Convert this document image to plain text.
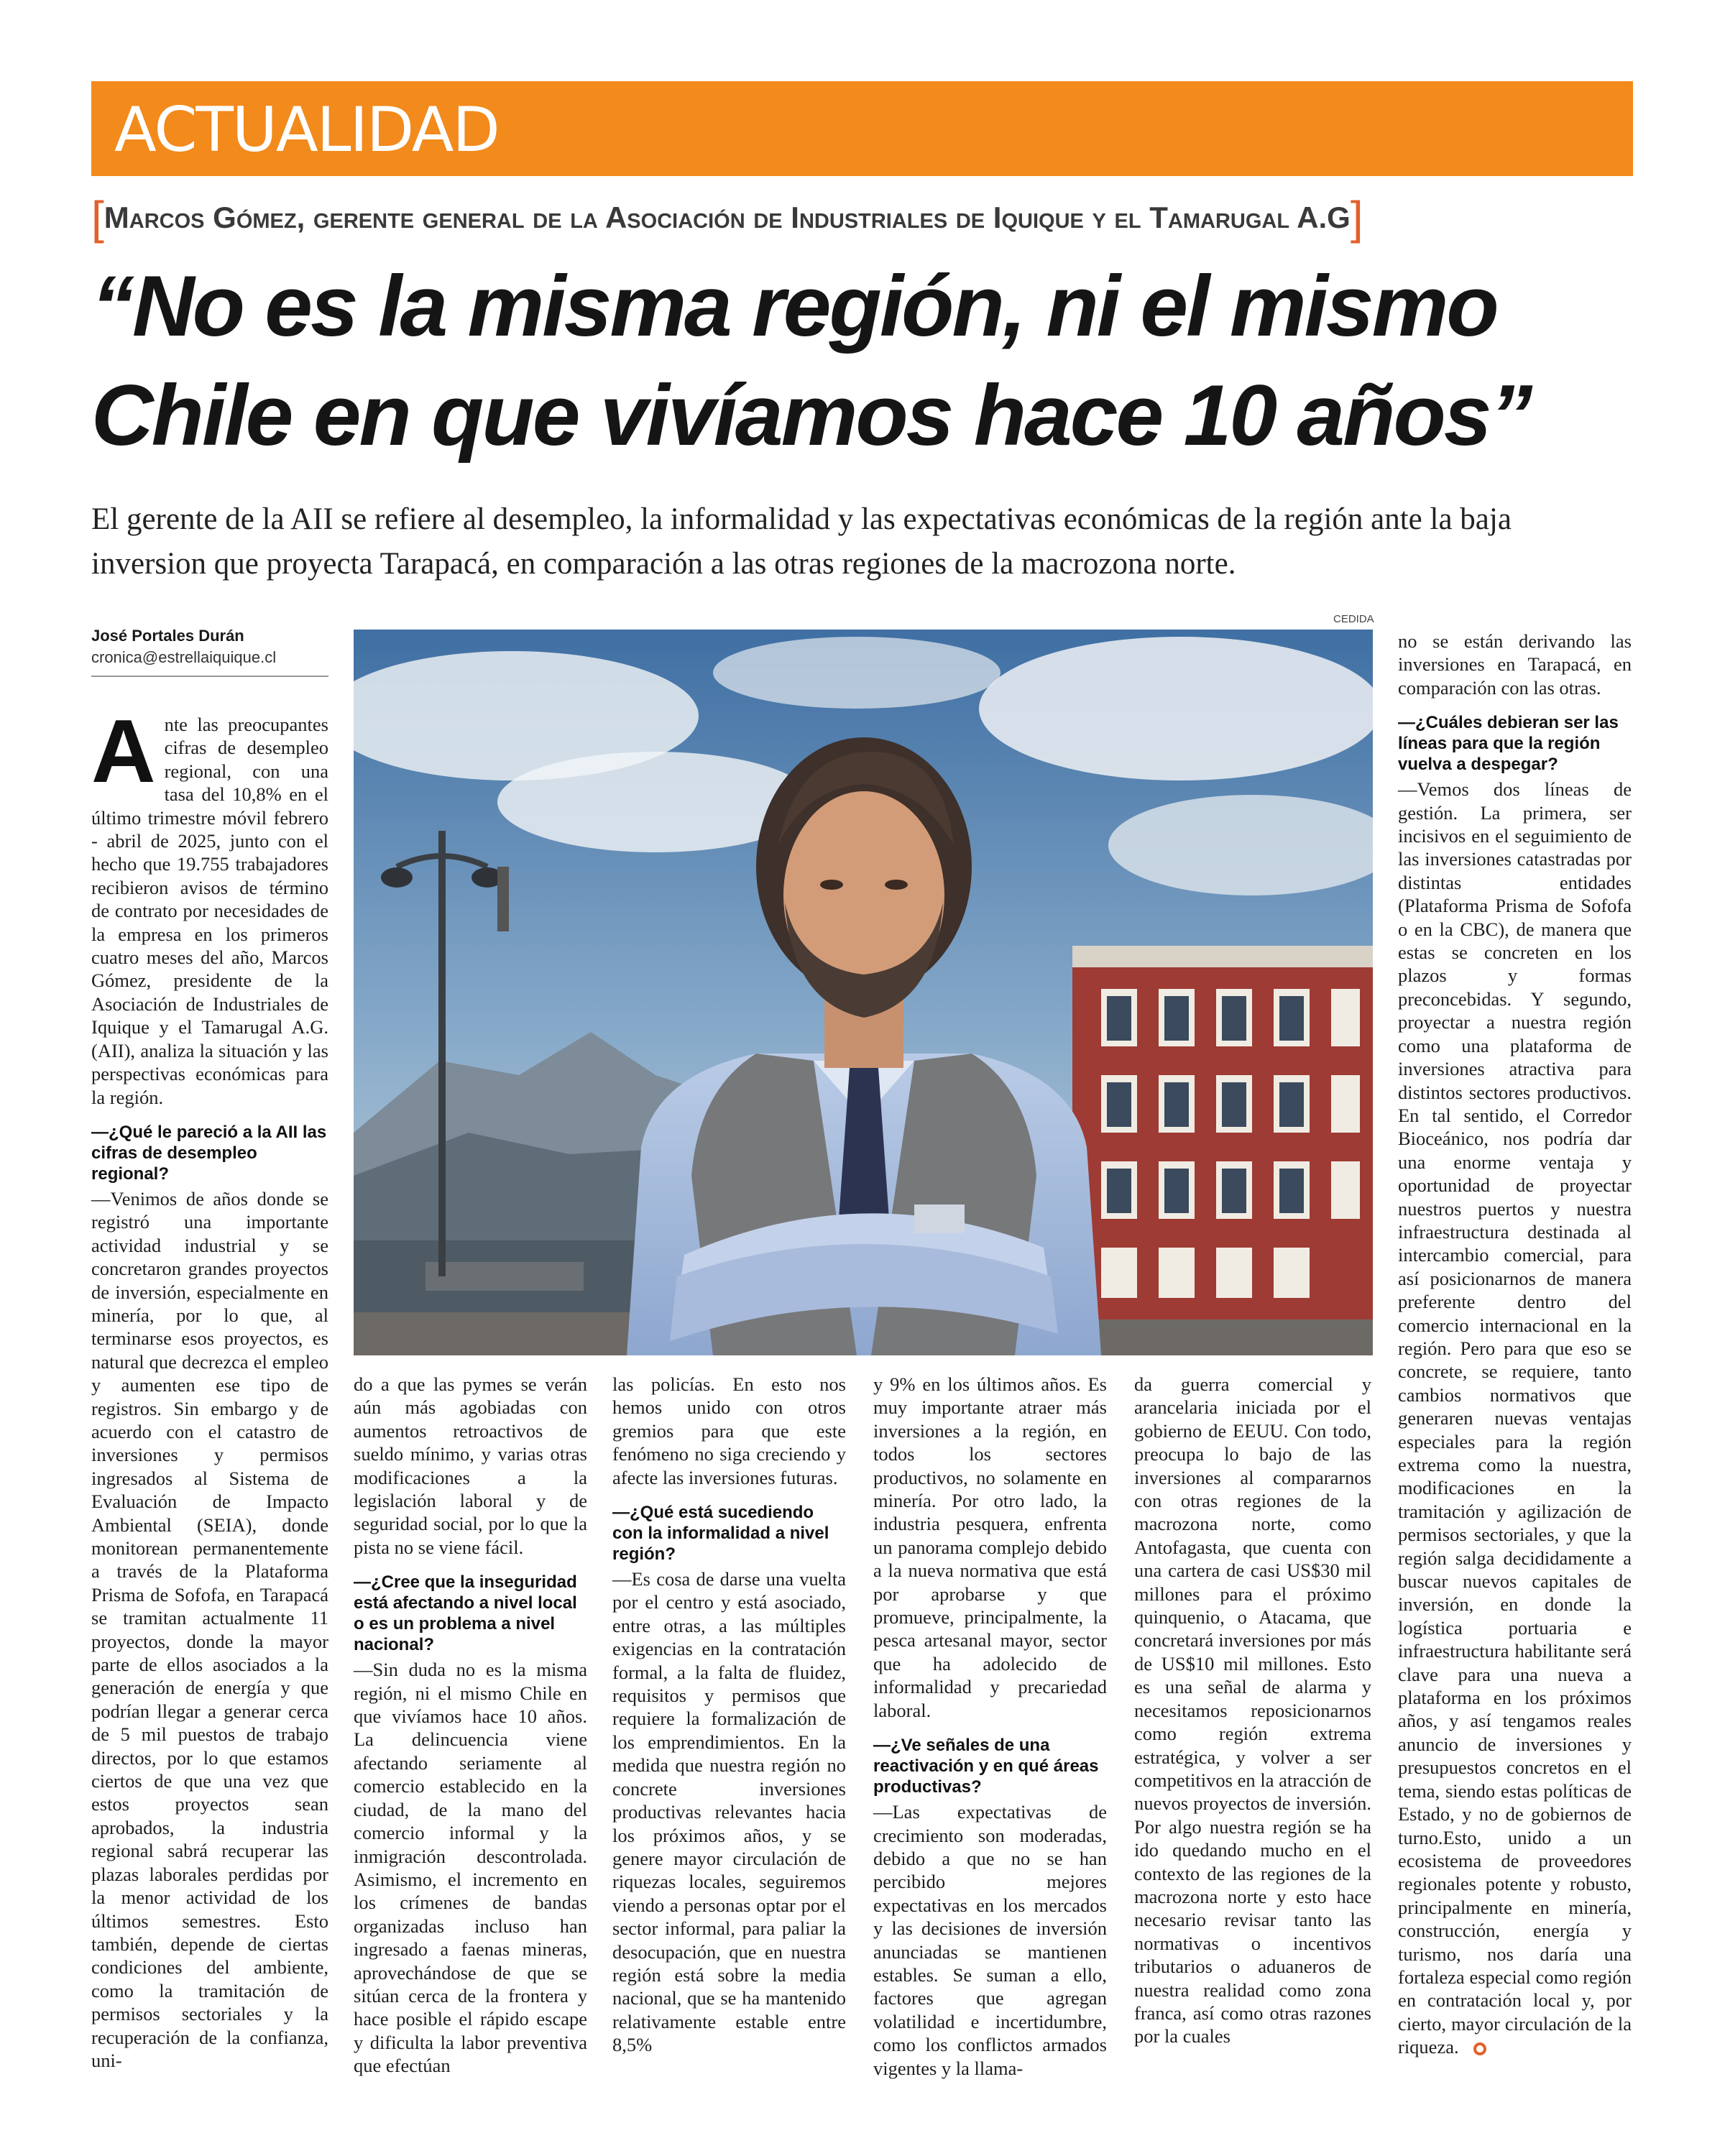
ACTUALIDAD
[ Marcos Gómez, gerente general de la Asociación de Industriales de Iquique y el Tamarugal A.G ]
“No es la misma región, ni el mismo Chile en que vivíamos hace 10 años”
El gerente de la AII se refiere al desempleo, la informalidad y las expectativas económicas de la región ante la baja inversion que proyecta Tarapacá, en comparación a las otras regiones de la macrozona norte.
José Portales Durán
cronica@estrellaiquique.cl
CEDIDA
A nte las preocupantes cifras de desempleo regional, con una tasa del 10,8% en el último trimestre móvil febrero - abril de 2025, junto con el hecho que 19.755 trabajadores recibieron avisos de término de contrato por necesidades de la empresa en los primeros cuatro meses del año, Marcos Gómez, presidente de la Asociación de Industriales de Iquique y el Tamarugal A.G. (AII), analiza la situación y las perspectivas económicas para la región.

—¿Qué le pareció a la AII las cifras de desempleo regional?

—Venimos de años donde se registró una importante actividad industrial y se concretaron grandes proyectos de inversión, especialmente en minería, por lo que, al terminarse esos proyectos, es natural que decrezca el empleo y aumenten ese tipo de registros. Sin embargo y de acuerdo con el catastro de inversiones y permisos ingresados al Sistema de Evaluación de Impacto Ambiental (SEIA), donde monitorean permanentemente a través de la Plataforma Prisma de Sofofa, en Tarapacá se tramitan actualmente 11 proyectos, donde la mayor parte de ellos asociados a la generación de energía y que podrían llegar a generar cerca de 5 mil puestos de trabajo directos, por lo que estamos ciertos de que una vez que estos proyectos sean aprobados, la industria regional sabrá recuperar las plazas laborales perdidas por la menor actividad de los últimos semestres. Esto también, depende de ciertas condiciones del ambiente, como la tramitación de permisos sectoriales y la recuperación de la confianza, uni-

do a que las pymes se verán aún más agobiadas con aumentos retroactivos de sueldo mínimo, y varias otras modificaciones a la legislación laboral y de seguridad social, por lo que la pista no se viene fácil.

—¿Cree que la inseguridad está afectando a nivel local o es un problema a nivel nacional?

—Sin duda no es la misma región, ni el mismo Chile en que vivíamos hace 10 años. La delincuencia viene afectando seriamente al comercio establecido en la ciudad, de la mano del comercio informal y la inmigración descontrolada. Asimismo, el incremento en los crímenes de bandas organizadas incluso han ingresado a faenas mineras, aprovechándose de que se sitúan cerca de la frontera y hace posible el rápido escape y dificulta la labor preventiva que efectúan

las policías. En esto nos hemos unido con otros gremios para que este fenómeno no siga creciendo y afecte las inversiones futuras.

—¿Qué está sucediendo con la informalidad a nivel región?

—Es cosa de darse una vuelta por el centro y está asociado, entre otras, a las múltiples exigencias en la contratación formal, a la falta de fluidez, requisitos y permisos que requiere la formalización de los emprendimientos. En la medida que nuestra región no concrete inversiones productivas relevantes hacia los próximos años, y se genere mayor circulación de riquezas locales, seguiremos viendo a personas optar por el sector informal, para paliar la desocupación, que en nuestra región está sobre la media nacional, que se ha mantenido relativamente estable entre 8,5%

y 9% en los últimos años. Es muy importante atraer más inversiones a la región, en todos los sectores productivos, no solamente en minería. Por otro lado, la industria pesquera, enfrenta un panorama complejo debido a la nueva normativa que está por aprobarse y que promueve, principalmente, la pesca artesanal mayor, sector que ha adolecido de informalidad y precariedad laboral.

—¿Ve señales de una reactivación y en qué áreas productivas?

—Las expectativas de crecimiento son moderadas, debido a que no se han percibido mejores expectativas en los mercados y las decisiones de inversión anunciadas se mantienen estables. Se suman a ello, factores que agregan volatilidad e incertidumbre, como los conflictos armados vigentes y la llama-

da guerra comercial y arancelaria iniciada por el gobierno de EEUU. Con todo, preocupa lo bajo de las inversiones al compararnos con otras regiones de la macrozona norte, como Antofagasta, que cuenta con una cartera de casi US$30 mil millones para el próximo quinquenio, o Atacama, que concretará inversiones por más de US$10 mil millones. Esto es una señal de alarma y necesitamos reposicionarnos como región extrema estratégica, y volver a ser competitivos en la atracción de nuevos proyectos de inversión. Por algo nuestra región se ha ido quedando mucho en el contexto de las regiones de la macrozona norte y esto hace necesario revisar tanto las normativas o incentivos tributarios o aduaneros de nuestra realidad como zona franca, así como otras razones por la cuales

no se están derivando las inversiones en Tarapacá, en comparación con las otras.

—¿Cuáles debieran ser las líneas para que la región vuelva a despegar?

—Vemos dos líneas de gestión. La primera, ser incisivos en el seguimiento de las inversiones catastradas por distintas entidades (Plataforma Prisma de Sofofa o en la CBC), de manera que estas se concreten en los plazos y formas preconcebidas. Y segundo, proyectar a nuestra región como una plataforma de inversiones atractiva para distintos sectores productivos. En tal sentido, el Corredor Bioceánico, nos podría dar una enorme ventaja y oportunidad de proyectar nuestros puertos y nuestra infraestructura destinada al intercambio comercial, para así posicionarnos de manera preferente dentro del comercio internacional en la región. Pero para que eso se concrete, se requiere, tanto cambios normativos que generaren nuevas ventajas especiales para la región extrema como la nuestra, modificaciones en la tramitación y agilización de permisos sectoriales, y que la región salga decididamente a buscar nuevos capitales de inversión, en donde la logística portuaria e infraestructura habilitante será clave para una nueva a plataforma en los próximos años, y así tengamos reales anuncio de inversiones y presupuestos concretos en el tema, siendo estas políticas de Estado, y no de gobiernos de turno.Esto, unido a un ecosistema de proveedores regionales potente y robusto, principalmente en minería, construcción, energía y turismo, nos daría una fortaleza especial como región en contratación local y, por cierto, mayor circulación de la riqueza.
